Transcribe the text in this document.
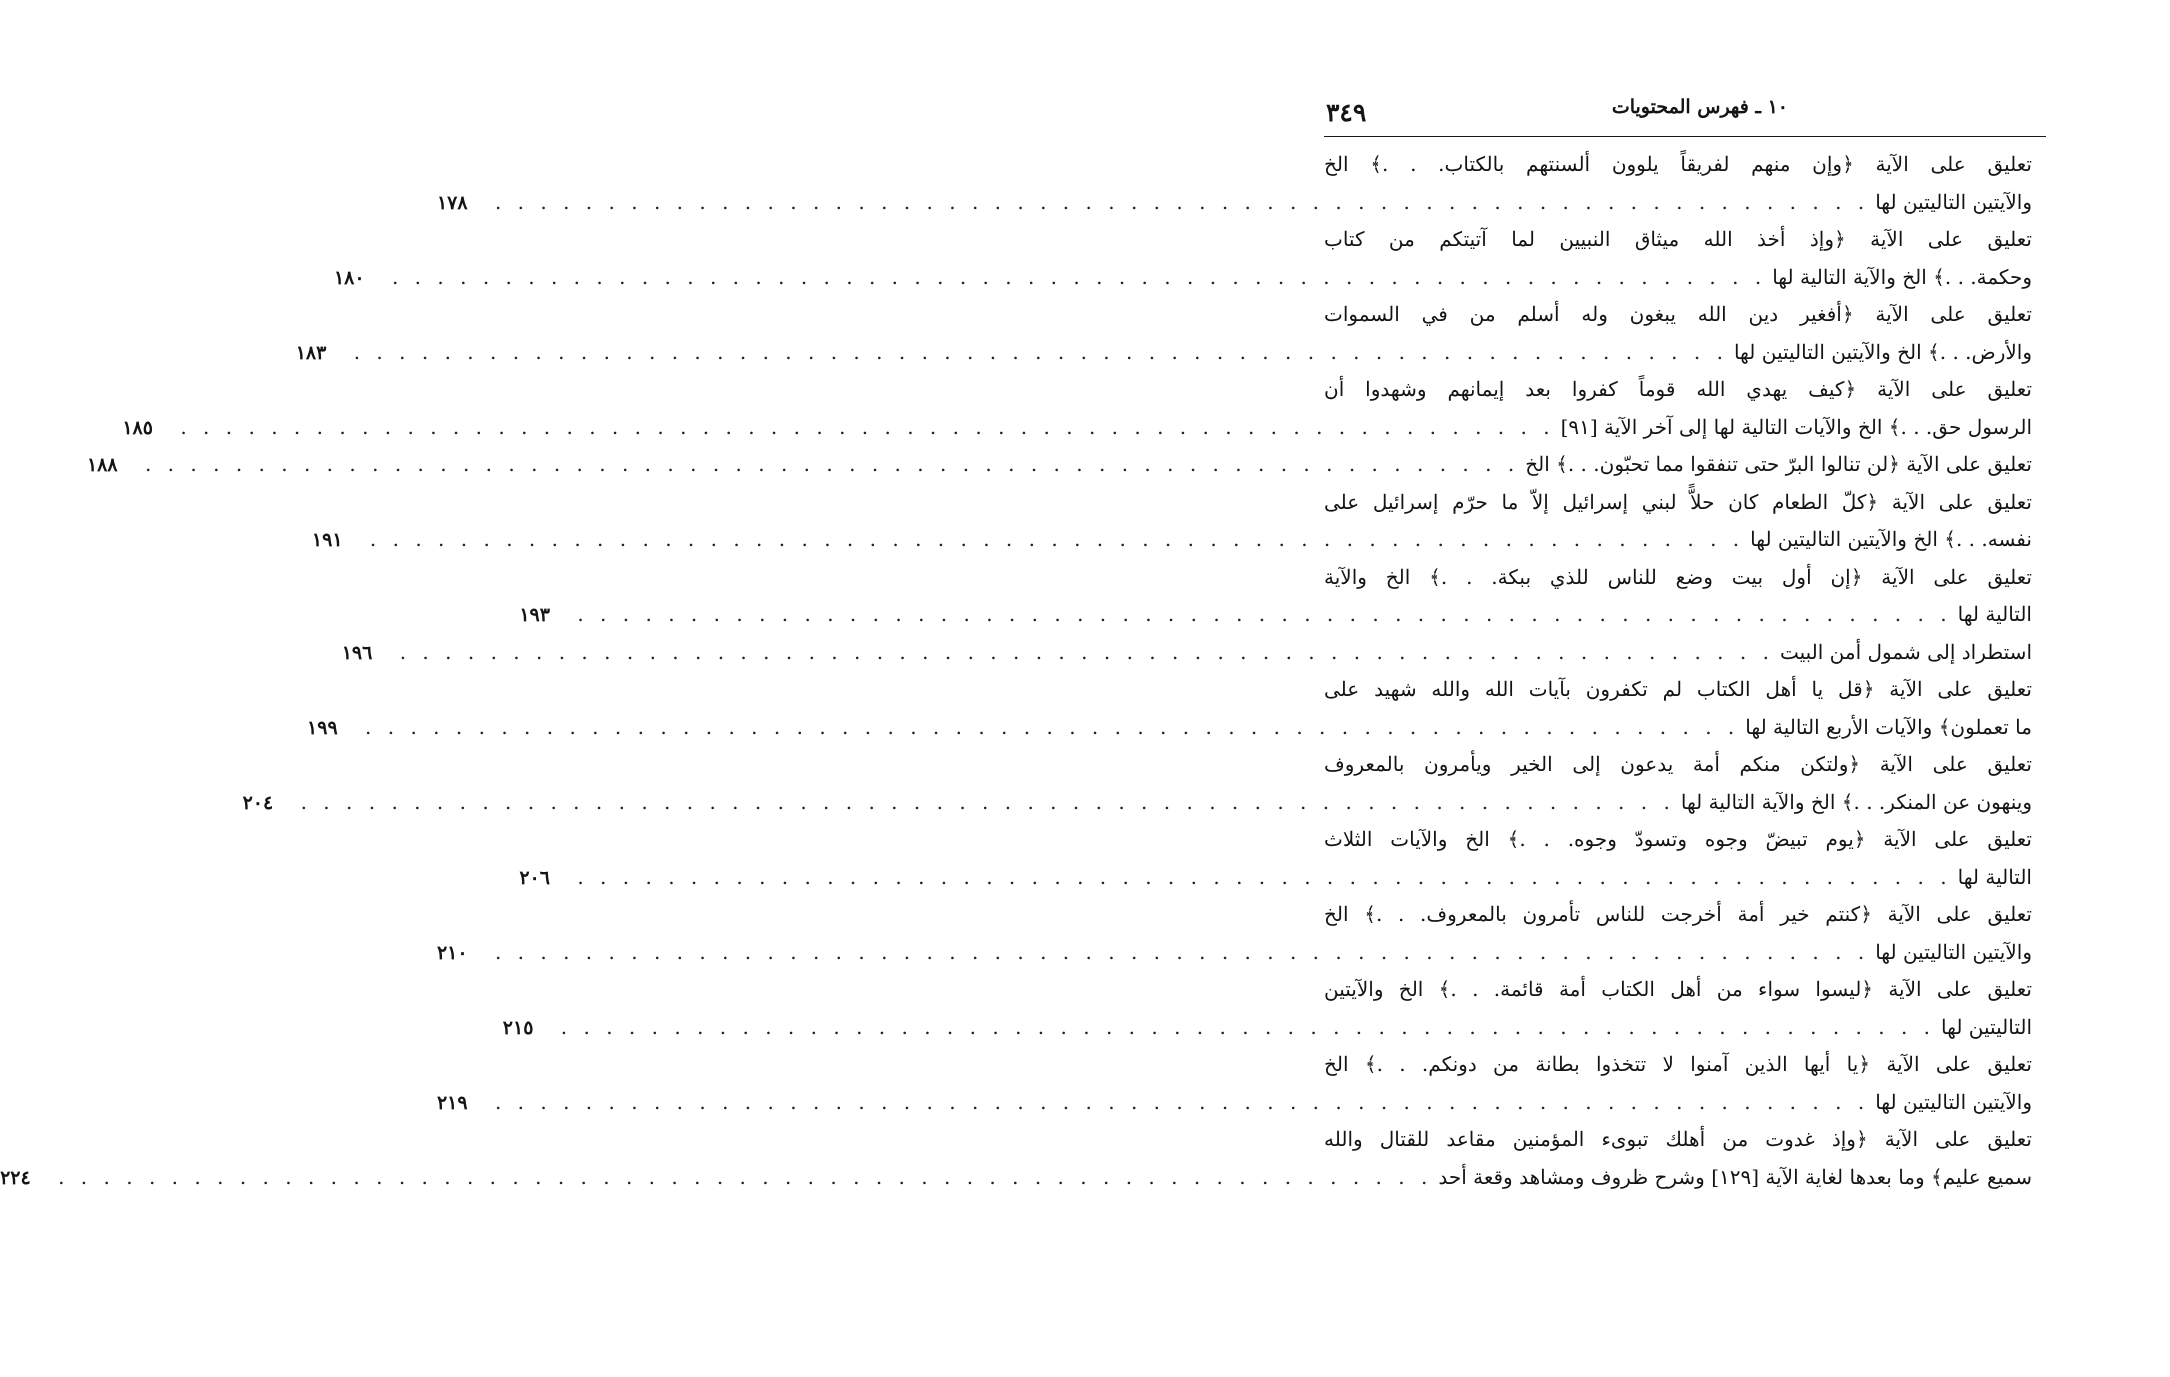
١٠ ـ فهرس المحتويات
٣٤٩
تعليق على الآية ﴿وإن منهم لفريقاً يلوون ألسنتهم بالكتاب. . .﴾ الخ
والآيتين التاليتين لها
. . . . . . . . . . . . . . . . . . . . . . . . . . . . . . . . . . . . . . . . . . . . . . . . . . . . . . . . . . . . .
١٧٨
تعليق على الآية ﴿وإذ أخذ الله ميثاق النبيين لما آتيتكم من كتاب
وحكمة. . .﴾ الخ والآية التالية لها
. . . . . . . . . . . . . . . . . . . . . . . . . . . . . . . . . . . . . . . . . . . . . . . . . . . . . . . . . . . . .
١٨٠
تعليق على الآية ﴿أفغير دين الله يبغون وله أسلم من في السموات
والأرض. . .﴾ الخ والآيتين التاليتين لها
. . . . . . . . . . . . . . . . . . . . . . . . . . . . . . . . . . . . . . . . . . . . . . . . . . . . . . . . . . . . .
١٨٣
تعليق على الآية ﴿كيف يهدي الله قوماً كفروا بعد إيمانهم وشهدوا أن
الرسول حق. . .﴾ الخ والآيات التالية لها إلى آخر الآية [٩١]
. . . . . . . . . . . . . . . . . . . . . . . . . . . . . . . . . . . . . . . . . . . . . . . . . . . . . . . . . . . . .
١٨٥
تعليق على الآية ﴿لن تنالوا البرّ حتى تنفقوا مما تحبّون. . .﴾ الخ
. . . . . . . . . . . . . . . . . . . . . . . . . . . . . . . . . . . . . . . . . . . . . . . . . . . . . . . . . . . . .
١٨٨
تعليق على الآية ﴿كلّ الطعام كان حلاًّ لبني إسرائيل إلاّ ما حرّم إسرائيل على
نفسه. . .﴾ الخ والآيتين التاليتين لها
. . . . . . . . . . . . . . . . . . . . . . . . . . . . . . . . . . . . . . . . . . . . . . . . . . . . . . . . . . . . .
١٩١
تعليق على الآية ﴿إن أول بيت وضع للناس للذي ببكة. . .﴾ الخ والآية
التالية لها
. . . . . . . . . . . . . . . . . . . . . . . . . . . . . . . . . . . . . . . . . . . . . . . . . . . . . . . . . . . . .
١٩٣
استطراد إلى شمول أمن البيت
. . . . . . . . . . . . . . . . . . . . . . . . . . . . . . . . . . . . . . . . . . . . . . . . . . . . . . . . . . . . .
١٩٦
تعليق على الآية ﴿قل يا أهل الكتاب لم تكفرون بآيات الله والله شهيد على
ما تعملون﴾ والآيات الأربع التالية لها
. . . . . . . . . . . . . . . . . . . . . . . . . . . . . . . . . . . . . . . . . . . . . . . . . . . . . . . . . . . . .
١٩٩
تعليق على الآية ﴿ولتكن منكم أمة يدعون إلى الخير ويأمرون بالمعروف
وينهون عن المنكر. . .﴾ الخ والآية التالية لها
. . . . . . . . . . . . . . . . . . . . . . . . . . . . . . . . . . . . . . . . . . . . . . . . . . . . . . . . . . . . .
٢٠٤
تعليق على الآية ﴿يوم تبيضّ وجوه وتسودّ وجوه. . .﴾ الخ والآيات الثلاث
التالية لها
. . . . . . . . . . . . . . . . . . . . . . . . . . . . . . . . . . . . . . . . . . . . . . . . . . . . . . . . . . . . .
٢٠٦
تعليق على الآية ﴿كنتم خير أمة أخرجت للناس تأمرون بالمعروف. . .﴾ الخ
والآيتين التاليتين لها
. . . . . . . . . . . . . . . . . . . . . . . . . . . . . . . . . . . . . . . . . . . . . . . . . . . . . . . . . . . . .
٢١٠
تعليق على الآية ﴿ليسوا سواء من أهل الكتاب أمة قائمة. . .﴾ الخ والآيتين
التاليتين لها
. . . . . . . . . . . . . . . . . . . . . . . . . . . . . . . . . . . . . . . . . . . . . . . . . . . . . . . . . . . . .
٢١٥
تعليق على الآية ﴿يا أيها الذين آمنوا لا تتخذوا بطانة من دونكم. . .﴾ الخ
والآيتين التاليتين لها
. . . . . . . . . . . . . . . . . . . . . . . . . . . . . . . . . . . . . . . . . . . . . . . . . . . . . . . . . . . . .
٢١٩
تعليق على الآية ﴿وإذ غدوت من أهلك تبوىء المؤمنين مقاعد للقتال والله
سميع عليم﴾ وما بعدها لغاية الآية [١٢٩] وشرح ظروف ومشاهد وقعة أحد
. . . . . . . . . . . . . . . . . . . . . . . . . . . . . . . . . . . . . . . . . . . . . . . . . . . . . . . . . . . . .
٢٢٤
